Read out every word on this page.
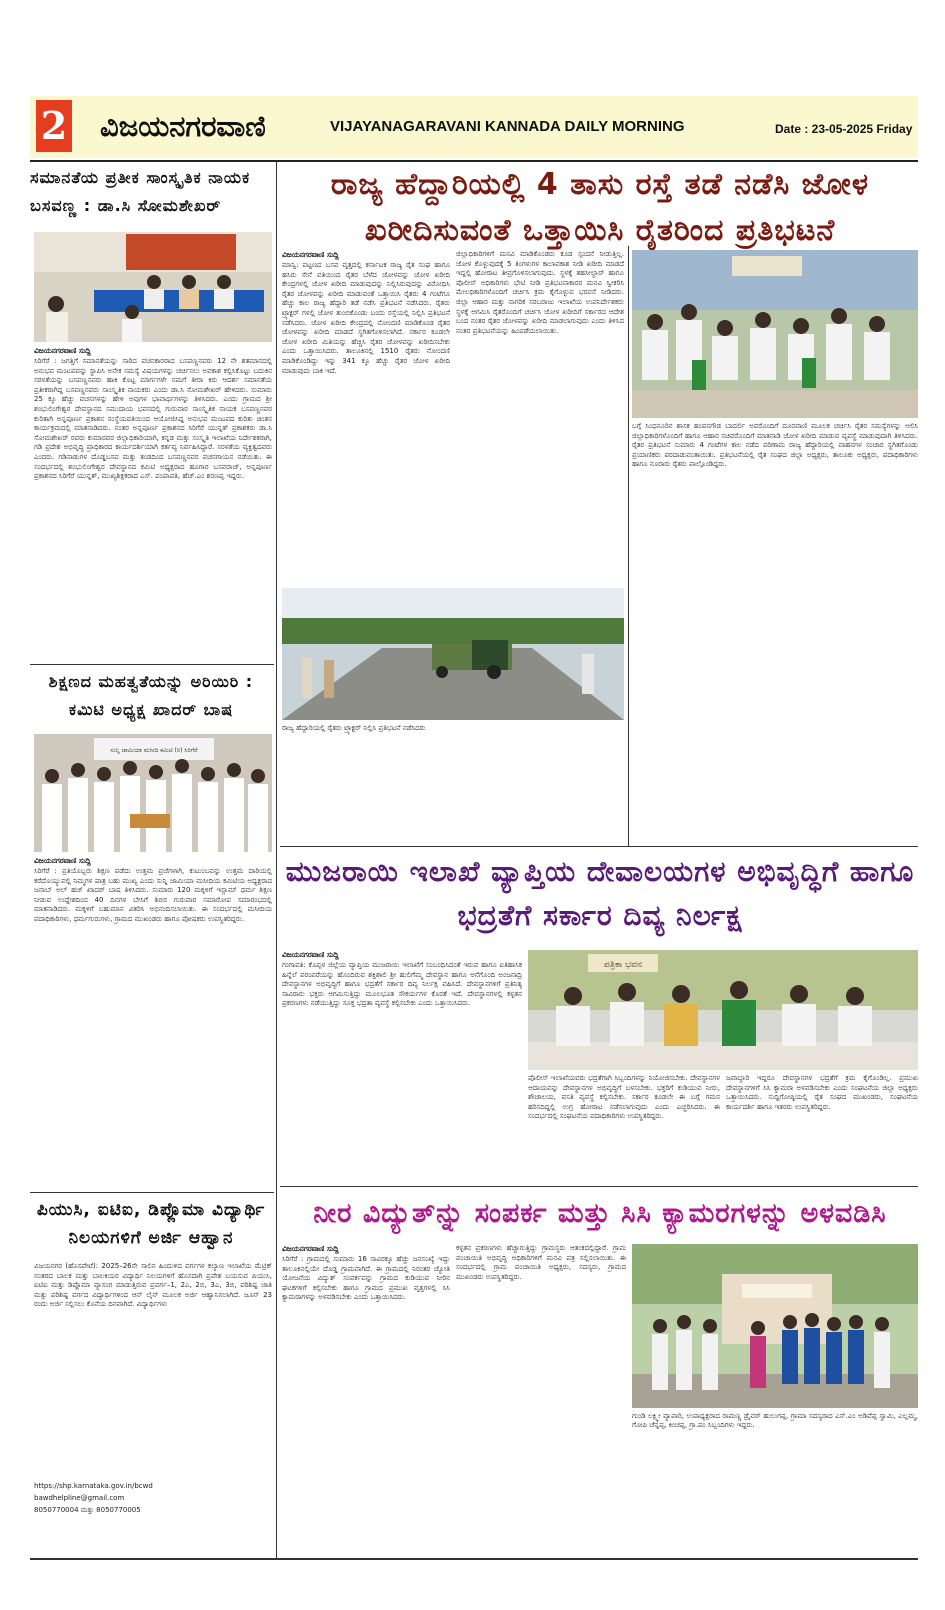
2 ವಿಜಯನಗರವಾಣಿ	VIJAYANAGARAVANI KANNADA DAILY MORNING	Date : 23-05-2025 Friday
ಸಮಾನತೆಯ ಪ್ರತೀಕ ಸಾಂಸ್ಕೃತಿಕ ನಾಯಕ ಬಸವಣ್ಣ : ಡಾ.ಸಿ ಸೋಮಶೇಖರ್
ವಿಜಯನಗರವಾಣಿ ಸುದ್ದಿ
ಸಿರಿಗೆರೆ : ಜಗತ್ತಿಗೆ ಸಮಾನತೆಯನ್ನು ಸಾರಿದ ವಚನಕಾರರಾದ ಬಸವಣ್ಣನವರು 12 ನೇ ಶತಮಾನದಲ್ಲಿ ಅನುಭವ ಮಂಟಪವನ್ನು ಸ್ಥಾಪಿಸಿ ಅನೇಕ ಸಮಸ್ಯೆ ವಿಷಯಗಳನ್ನು ಚರ್ಚಿಸಲು ಅವಕಾಶ ಕಲ್ಪಿಸಿಕೊಟ್ಟು ಬದುಕಿನ ಸರಳತೆಯನ್ನು ಬಸವಣ್ಣನವರು ಹಾಕಿ ಕೊಟ್ಟ ಮಾರ್ಗಗಳೇ ನಮಗೆ ತೀರಾ ಕಿರು ಆದರ್ಶ ಸಮಾನತೆಯ ಪ್ರತೀಕರಾಗಿದ್ದ ಬಸವಣ್ಣನವರು ಸಾಂಸ್ಕೃತಿಕ ನಾಯಕರು ಎಂದು ಡಾ.ಸಿ ಸೋಮಶೇಖರ್ ಹೇಳಿದರು. ಸುಮಾರು 25 ಕ್ಕೂ ಹೆಚ್ಚು ವಚನಗಳನ್ನು ಹೇಳಿ ಅವುಗಳ ಭಾವಾರ್ಥಗಳನ್ನು ತಿಳಿಸಿದರು. ಎಂದು ಗ್ರಾಮದ ಶ್ರೀ ಶಂಭುಲಿಂಗೇಶ್ವರ ದೇವಸ್ಥಾನದ ಸಮುದಾಯ ಭವನದಲ್ಲಿ ಗುರುವಾರ ಸಾಂಸ್ಕೃತಿಕ ನಾಯಕ ಬಸವಣ್ಣನವರ ಕುರಿತಾಗಿ ಅನ್ನಪೂರ್ಣ ಪ್ರಕಾಶನ ಸಂಸ್ಥೆಯವತಿಯಿಂದ ಆಯೋಜಿಸಿದ್ದ ಅನುಭವ ಮಂಟಪದ ಕುರಿತು ಚಿಂತನ ಕಾರ್ಯಕ್ರಮದಲ್ಲಿ ಮಾತನಾಡಿದರು. ನಂತರ ಅನ್ನಪೂರ್ಣ ಪ್ರಕಾಶನದ ಸಿರಿಗೆರೆ ಯುನ್ನತ್ ಪ್ರಕಾಶಕರು ಡಾ.ಸಿ ಸೋಮಶೇಖರ್ ರವರು ಕುಮಾರವರ ಜಿಲ್ಲಾಧಿಕಾರಿಯಾಗಿ, ಕನ್ನಡ ಮತ್ತು ಸಂಸ್ಕೃತಿ ಇಲಾಖೆಯ ನಿರ್ದೇಶಕರಾಗಿ, ಗಡಿ ಪ್ರದೇಶ ಅಭಿವೃದ್ಧಿ ಪ್ರಾಧಿಕಾರದ ಕಾರ್ಯದರ್ಶಿಯಾಗಿ ಕರ್ತವ್ಯ ನಿರ್ವಹಿಸಿದ್ದಾರೆ. ಸರಳತೆಯ ವ್ಯಕ್ತಿತ್ವದವರು ಎಂದರು. ಗಡಿನಾಡುಗಳ ದೊಡ್ಡಬಸವ ಮತ್ತು ತಂಡದಿಂದ ಬಸವಣ್ಣನವರ ವಚನಗಾಯನ ನಡೆಯಿತು. ಈ ಸಂದರ್ಭದಲ್ಲಿ ಶಂಭುಲಿಂಗೇಶ್ವರ ದೇವಸ್ಥಾನದ ಕಮಿಟಿ ಅಧ್ಯಕ್ಷರಾದ ಹೂಗಾರ ಬಸವರಾಜ್, ಅನ್ನಪೂರ್ಣ ಪ್ರಕಾಶನದ ಸಿರಿಗೆರೆ ಯುನ್ನತ್, ಮುಖ್ಯಶಿಕ್ಷಕರಾದ ಎಸ್. ಪಂಪಾಪತಿ, ಹೆಚ್.ಎಂ ಶರಣಪ್ಪ ಇದ್ದರು.
ಶಿಕ್ಷಣದ ಮಹತ್ವತೆಯನ್ನು ಅರಿಯಿರಿ : ಕಮಿಟಿ ಅಧ್ಯಕ್ಷ ಖಾದರ್ ಬಾಷ
ಸುನ್ನಿ ಜಾಮಿಯಾ ಮಸೀದಿ ಕಮಿಟಿ (ರಿ) ಸಿರಿಗೆರೆ
ವಿಜಯನಗರವಾಣಿ ಸುದ್ದಿ
ಸಿರಿಗೆರೆ : ಪ್ರತಿಯೊಬ್ಬರು ಶಿಕ್ಷಣ ಪಡೆದು ಉತ್ತಮ ಪ್ರಜೆಗಳಾಗಿ, ಕುಟುಂಬವನ್ನು ಉತ್ತಮ ದಾರಿಯಲ್ಲಿ ಕರೆದೊಯ್ಯುವಲ್ಲಿ ನಿಮ್ಮಗಳ ಪಾತ್ರ ಬಹು ಮುಖ್ಯ ಎಂದು ಸುನ್ನಿ ಜಾಮಿಯಾ ಮಸೀದಿಯ ಕಮಿಟಿಯ ಅಧ್ಯಕ್ಷರಾದ ಜನಾಬ್ ಅಲ್ ಹಜ್ ಖಾದರ್ ಬಾಷ ತಿಳಿಸಿದರು. ಸುಮಾರು 120 ಮಕ್ಕಳಿಗೆ ಇಸ್ಲಾಮ್ ಧರ್ಮ ಶಿಕ್ಷಣ ನೀಡುವ ಉದ್ದೇಶದಿಂದ 40 ದಿನಗಳ ಬೇಸಿಗೆ ಶಿಬಿರ ಗುರುವಾರ ಸಮಾರೋಪ ಸಮಾರಂಭದಲ್ಲಿ ಮಾತನಾಡಿದರು. ಮಕ್ಕಳಿಗೆ ಬಹುಮಾನ ವಿತರಿಸಿ ಅಭಿನಂದಿಸಲಾಯಿತು. ಈ ಸಂದರ್ಭದಲ್ಲಿ ಮಸೀದಿಯ ಪದಾಧಿಕಾರಿಗಳು, ಧರ್ಮಗುರುಗಳು, ಗ್ರಾಮದ ಮುಖಂಡರು ಹಾಗೂ ಪೋಷಕರು ಉಪಸ್ಥಿತರಿದ್ದರು.
ಪಿಯುಸಿ, ಐಟಿಐ, ಡಿಪ್ಲೊಮಾ ವಿದ್ಯಾರ್ಥಿ ನಿಲಯಗಳಿಗೆ ಅರ್ಜಿ ಆಹ್ವಾನ
ವಿಜಯನಗರ (ಹೊಸಪೇಟೆ): 2025–26ನೇ ಸಾಲಿನ ಹಿಂದುಳಿದ ವರ್ಗಗಳ ಕಲ್ಯಾಣ ಇಲಾಖೆಯ ಮೆಟ್ರಿಕ್ ನಂತರದ ಬಾಲಕ ಮತ್ತು ಬಾಲಕಿಯರ ವಿದ್ಯಾರ್ಥಿ ನಿಲಯಗಳಿಗೆ ಹೊಸದಾಗಿ ಪ್ರವೇಶ ಬಯಸುವ ಪಿಯುಸಿ, ಐಟಿಐ ಮತ್ತು ಡಿಪ್ಲೊಮಾ ವ್ಯಾಸಂಗ ಮಾಡುತ್ತಿರುವ ಪ್ರವರ್ಗ–1, 2ಎ, 2ಬಿ, 3ಎ, 3ಬಿ, ಪರಿಶಿಷ್ಟ ಜಾತಿ ಮತ್ತು ಪರಿಶಿಷ್ಟ ವರ್ಗದ ವಿದ್ಯಾರ್ಥಿಗಳಿಂದ ಆನ್ ಲೈನ್ ಮೂಲಕ ಅರ್ಜಿ ಆಹ್ವಾನಿಸಲಾಗಿದೆ. ಜೂನ್ 23 ರಂದು ಅರ್ಜಿ ಸಲ್ಲಿಸಲು ಕೊನೆಯ ದಿನವಾಗಿದೆ. ವಿದ್ಯಾರ್ಥಿಗಳು
https://shp.karnataka.gov.in/bcwd
bawdhelpline@gmail.com
8050770004 ಮತ್ತು 8050770005
ರಾಜ್ಯ ಹೆದ್ದಾರಿಯಲ್ಲಿ 4 ತಾಸು ರಸ್ತೆ ತಡೆ ನಡೆಸಿ ಜೋಳ ಖರೀದಿಸುವಂತೆ ಒತ್ತಾಯಿಸಿ ರೈತರಿಂದ ಪ್ರತಿಭಟನೆ
ವಿಜಯನಗರವಾಣಿ ಸುದ್ದಿ
ಮಾನ್ವಿ: ಪಟ್ಟಣದ ಬಸವ ವೃತ್ತದಲ್ಲಿ ಕರ್ನಾಟಕ ರಾಜ್ಯ ರೈತ ಸಂಘ ಹಾಗೂ ಹಸಿರು ಸೇನೆ ವತಿಯಿಂದ ರೈತರ ಬೆಳೆದ ಜೋಳವನ್ನು ಜೋಳ ಖರೀದಿ ಕೇಂದ್ರಗಳಲ್ಲಿ ಜೋಳ ಖರೀದಿ ಮಾಡುವುದನ್ನು ನಿಲ್ಲಿಸಿರುವುದನ್ನು ವಿರೋಧಿಸಿ ರೈತರ ಜೋಳವನ್ನು ಖರೀದಿ ಮಾಡುವಂತೆ ಒತ್ತಾಯಿಸಿ ರೈತರು 4 ಗಂಟೆಗೂ ಹೆಚ್ಚು ಕಾಲ ರಾಜ್ಯ ಹೆದ್ದಾರಿ ತಡೆ ನಡೆಸಿ ಪ್ರತಿಭಟನೆ ನಡೆಸಿದರು. ರೈತರು ಟ್ರ್ಯಾಕ್ಟರ್ ಗಳಲ್ಲಿ ಜೋಳ ತುಂಬಿಕೊಂಡು ಬಂದು ರಸ್ತೆಯಲ್ಲಿ ನಿಲ್ಲಿಸಿ ಪ್ರತಿಭಟನೆ ನಡೆಸಿದರು. ಜೋಳ ಖರೀದಿ ಕೇಂದ್ರದಲ್ಲಿ ನೋಂದಣಿ ಮಾಡಿಕೊಂಡ ರೈತರ ಜೋಳವನ್ನು ಖರೀದಿ ಮಾಡದೆ ಸ್ಥಗಿತಗೊಳಿಸಲಾಗಿದೆ. ಸರ್ಕಾರ ಕೂಡಲೇ ಜೋಳ ಖರೀದಿ ಮಿತಿಯನ್ನು ಹೆಚ್ಚಿಸಿ ರೈತರ ಜೋಳವನ್ನು ಖರೀದಿಸಬೇಕು ಎಂದು ಒತ್ತಾಯಿಸಿದರು. ತಾಲೂಕಿನಲ್ಲಿ 1510 ರೈತರು ನೋಂದಣಿ ಮಾಡಿಕೊಂಡಿದ್ದು ಇನ್ನು 341 ಕ್ಕೂ ಹೆಚ್ಚು ರೈತರ ಜೋಳ ಖರೀದಿ ಮಾಡುವುದು ಬಾಕಿ ಇದೆ.
ಜಿಲ್ಲಾಧಿಕಾರಿಗಳಿಗೆ ಮನವಿ ಮಾಡಿಕೊಂಡರು ಕೂಡ ಸ್ಪಂದನೆ ನೀಡುತ್ತಿಲ್ಲ. ಜೋಳ ಕೊಳ್ಳುವುದಕ್ಕೆ 5 ತಿಂಗಳುಗಳ ಕಾಲಾವಕಾಶ ನೀಡಿ ಖರೀದಿ ಮಾಡದೆ ಇದ್ದಲ್ಲಿ ಹೋರಾಟ ತೀವ್ರಗೊಳಿಸಲಾಗುವುದು. ಸ್ಥಳಕ್ಕೆ ತಹಸೀಲ್ದಾರ್ ಹಾಗೂ ಪೊಲೀಸ್ ಅಧಿಕಾರಿಗಳು ಭೇಟಿ ನೀಡಿ ಪ್ರತಿಭಟನಾಕಾರರ ಮನವಿ ಸ್ವೀಕರಿಸಿ ಮೇಲಧಿಕಾರಿಗಳೊಂದಿಗೆ ಚರ್ಚಿಸಿ ಕ್ರಮ ಕೈಗೊಳ್ಳುವ ಭರವಸೆ ನೀಡಿದರು. ಜಿಲ್ಲಾ ಆಹಾರ ಮತ್ತು ನಾಗರಿಕ ಸರಬರಾಜು ಇಲಾಖೆಯ ಉಪನಿರ್ದೇಶಕರು ಸ್ಥಳಕ್ಕೆ ಆಗಮಿಸಿ ರೈತರೊಂದಿಗೆ ಚರ್ಚಿಸಿ ಜೋಳ ಖರೀದಿಗೆ ಸರ್ಕಾರದ ಆದೇಶ ಬಂದ ನಂತರ ರೈತರ ಜೋಳವನ್ನು ಖರೀದಿ ಮಾಡಲಾಗುವುದು ಎಂದು ತಿಳಿಸಿದ ನಂತರ ಪ್ರತಿಭಟನೆಯನ್ನು ಹಿಂಪಡೆಯಲಾಯಿತು.
ಬಗ್ಗೆ ಸಿಂಧನೂರಿನ ಶಾಸಕ ಹಂಪನಗೌಡ ಬಾದರ್ಲಿ ಅವರೊಂದಿಗೆ ದೂರವಾಣಿ ಮೂಲಕ ಚರ್ಚಿಸಿ ರೈತರ ಸಮಸ್ಯೆಗಳನ್ನು ಆಲಿಸಿ ಜಿಲ್ಲಾಧಿಕಾರಿಗಳೊಂದಿಗೆ ಹಾಗೂ ಆಹಾರ ಸಚಿವರೊಂದಿಗೆ ಮಾತನಾಡಿ ಜೋಳ ಖರೀದಿ ಮಾಡುವ ವ್ಯವಸ್ಥೆ ಮಾಡುವುದಾಗಿ ತಿಳಿಸಿದರು. ರೈತರ ಪ್ರತಿಭಟನೆ ಸುಮಾರು 4 ಗಂಟೆಗಳ ಕಾಲ ನಡೆದ ಪರಿಣಾಮ ರಾಜ್ಯ ಹೆದ್ದಾರಿಯಲ್ಲಿ ವಾಹನಗಳ ಸಂಚಾರ ಸ್ಥಗಿತಗೊಂಡು ಪ್ರಯಾಣಿಕರು ಪರದಾಡುವಂತಾಯಿತು. ಪ್ರತಿಭಟನೆಯಲ್ಲಿ ರೈತ ಸಂಘದ ಜಿಲ್ಲಾ ಅಧ್ಯಕ್ಷರು, ತಾಲೂಕು ಅಧ್ಯಕ್ಷರು, ಪದಾಧಿಕಾರಿಗಳು ಹಾಗೂ ನೂರಾರು ರೈತರು ಪಾಲ್ಗೊಂಡಿದ್ದರು.
ರಾಜ್ಯ ಹೆದ್ದಾರಿಯಲ್ಲಿ ರೈತರು ಟ್ರ್ಯಾಕ್ಟರ್ ನಿಲ್ಲಿಸಿ ಪ್ರತಿಭಟನೆ ನಡೆಸಿದರು
ಮುಜರಾಯಿ ಇಲಾಖೆ ವ್ಯಾಪ್ತಿಯ ದೇವಾಲಯಗಳ ಅಭಿವೃದ್ಧಿಗೆ ಹಾಗೂ ಭದ್ರತೆಗೆ ಸರ್ಕಾರ ದಿವ್ಯ ನಿರ್ಲಕ್ಷ
ವಿಜಯನಗರವಾಣಿ ಸುದ್ದಿ
ಗಂಗಾವತಿ: ಕೊಪ್ಪಳ ಜಿಲ್ಲೆಯ ವ್ಯಾಪ್ತಿಯ ಮುಜರಾಯಿ ಇಲಾಖೆಗೆ ಸಂಬಂಧಿಸಿದಂತೆ ಇರುವ ಹಾಗೂ ಐತಿಹಾಸಿಕ ಹಿನ್ನೆಲೆ ಪರಂಪರೆಯನ್ನು ಹೊಂದಿರುವ ಶಕ್ತಿಶಾಲಿ ಶ್ರೀ ಹುಲಿಗೆಮ್ಮ ದೇವಸ್ಥಾನ ಹಾಗೂ ಆನೆಗೊಂದಿ ಅಂಜನಾದ್ರಿ ದೇವಸ್ಥಾನಗಳ ಅಭಿವೃದ್ಧಿಗೆ ಹಾಗೂ ಭದ್ರತೆಗೆ ಸರ್ಕಾರ ದಿವ್ಯ ನಿರ್ಲಕ್ಷ ವಹಿಸಿದೆ. ದೇವಸ್ಥಾನಗಳಿಗೆ ಪ್ರತಿನಿತ್ಯ ಸಾವಿರಾರು ಭಕ್ತರು ಆಗಮಿಸುತ್ತಿದ್ದು ಮೂಲಭೂತ ಸೌಕರ್ಯಗಳ ಕೊರತೆ ಇದೆ. ದೇವಸ್ಥಾನಗಳಲ್ಲಿ ಕಳ್ಳತನ ಪ್ರಕರಣಗಳು ನಡೆಯುತ್ತಿದ್ದು ಸೂಕ್ತ ಭದ್ರತಾ ವ್ಯವಸ್ಥೆ ಕಲ್ಪಿಸಬೇಕು ಎಂದು ಒತ್ತಾಯಿಸಿದರು.
ಪತ್ರಿಕಾ ಭವನ
ಪೊಲೀಸ್ ಇಲಾಖೆಯವರು ಭದ್ರತೆಗಾಗಿ ಸಿಬ್ಬಂದಿಗಳನ್ನು ನಿಯೋಜಿಸಬೇಕು. ದೇವಸ್ಥಾನಗಳ ಆದಾಯವನ್ನು ದೇವಸ್ಥಾನಗಳ ಅಭಿವೃದ್ಧಿಗೆ ಬಳಸಬೇಕು. ಭಕ್ತರಿಗೆ ಕುಡಿಯುವ ನೀರು, ಶೌಚಾಲಯ, ವಸತಿ ವ್ಯವಸ್ಥೆ ಕಲ್ಪಿಸಬೇಕು. ಸರ್ಕಾರ ಕೂಡಲೇ ಈ ಬಗ್ಗೆ ಗಮನ ಹರಿಸದಿದ್ದಲ್ಲಿ ಉಗ್ರ ಹೋರಾಟ ನಡೆಸಲಾಗುವುದು ಎಂದು ಎಚ್ಚರಿಸಿದರು. ಈ ಸಂದರ್ಭದಲ್ಲಿ ಸಂಘಟನೆಯ ಪದಾಧಿಕಾರಿಗಳು ಉಪಸ್ಥಿತರಿದ್ದರು.
ಜವಾಬ್ದಾರಿ ಇದ್ದರೂ ದೇವಸ್ಥಾನಗಳ ಭದ್ರತೆಗೆ ಕ್ರಮ ಕೈಗೊಂಡಿಲ್ಲ. ಪ್ರಮುಖ ದೇವಸ್ಥಾನಗಳಿಗೆ ಸಿಸಿ ಕ್ಯಾಮರಾ ಅಳವಡಿಸಬೇಕು ಎಂದು ಸಂಘಟನೆಯ ಜಿಲ್ಲಾ ಅಧ್ಯಕ್ಷರು ಒತ್ತಾಯಿಸಿದರು. ಸುದ್ದಿಗೋಷ್ಠಿಯಲ್ಲಿ ರೈತ ಸಂಘದ ಮುಖಂಡರು, ಸಂಘಟನೆಯ ಕಾರ್ಯದರ್ಶಿ ಹಾಗೂ ಇತರರು ಉಪಸ್ಥಿತರಿದ್ದರು.
ನೀರ ವಿದ್ಯುತ್‌ನ್ನು ಸಂಪರ್ಕ ಮತ್ತು ಸಿಸಿ ಕ್ಯಾಮರಗಳನ್ನು ಅಳವಡಿಸಿ
ವಿಜಯನಗರವಾಣಿ ಸುದ್ದಿ
ಸಿರಿಗೆರೆ : ಗ್ರಾಮದಲ್ಲಿ ಸುಮಾರು 16 ಸಾವಿರಕ್ಕೂ ಹೆಚ್ಚು ಜನಸಂಖ್ಯೆ ಇದ್ದು ತಾಲೂಕಿನಲ್ಲಿಯೇ ದೊಡ್ಡ ಗ್ರಾಮವಾಗಿದೆ. ಈ ಗ್ರಾಮದಲ್ಲಿ ನಿರಂತರ ಜ್ಯೋತಿ ಯೋಜನೆಯ ವಿದ್ಯುತ್ ಸಂಪರ್ಕವನ್ನು ಗ್ರಾಮದ ಕುಡಿಯುವ ನೀರಿನ ಘಟಕಗಳಿಗೆ ಕಲ್ಪಿಸಬೇಕು ಹಾಗೂ ಗ್ರಾಮದ ಪ್ರಮುಖ ವೃತ್ತಗಳಲ್ಲಿ ಸಿಸಿ ಕ್ಯಾಮರಾಗಳನ್ನು ಅಳವಡಿಸಬೇಕು ಎಂದು ಒತ್ತಾಯಿಸಿದರು.
ಕಳ್ಳತನ ಪ್ರಕರಣಗಳು ಹೆಚ್ಚಾಗುತ್ತಿದ್ದು ಗ್ರಾಮಸ್ಥರು ಆತಂಕದಲ್ಲಿದ್ದಾರೆ. ಗ್ರಾಮ ಪಂಚಾಯಿತಿ ಅಭಿವೃದ್ಧಿ ಅಧಿಕಾರಿಗಳಿಗೆ ಮನವಿ ಪತ್ರ ಸಲ್ಲಿಸಲಾಯಿತು. ಈ ಸಂದರ್ಭದಲ್ಲಿ ಗ್ರಾಮ ಪಂಚಾಯಿತಿ ಅಧ್ಯಕ್ಷರು, ಸದಸ್ಯರು, ಗ್ರಾಮದ ಮುಖಂಡರು ಉಪಸ್ಥಿತರಿದ್ದರು.
ಗುಂಡಿ ಲಕ್ಷ್ಮೀ ವ್ಯಾಪಾರಿ, ಉಪಾಧ್ಯಕ್ಷರಾದ ರಾಮಣ್ಣ ಡ್ರೈವರ್ ಹುಲುಗಪ್ಪ, ಗ್ರಾಮಾ ಸದಸ್ಯರಾದ ಎಸ್.ಎಂ ಅಡಿವೆಪ್ಪ ಸ್ವಾಮಿ, ಎಲ್ಲಮ್ಮ, ಗೋಪಿ ಚೆನ್ನಪ್ಪ, ಕಿಂಚಪ್ಪ, ಗ್ರಾ.ಪಂ ಸಿಬ್ಬಂದಿಗಳು ಇದ್ದರು.
